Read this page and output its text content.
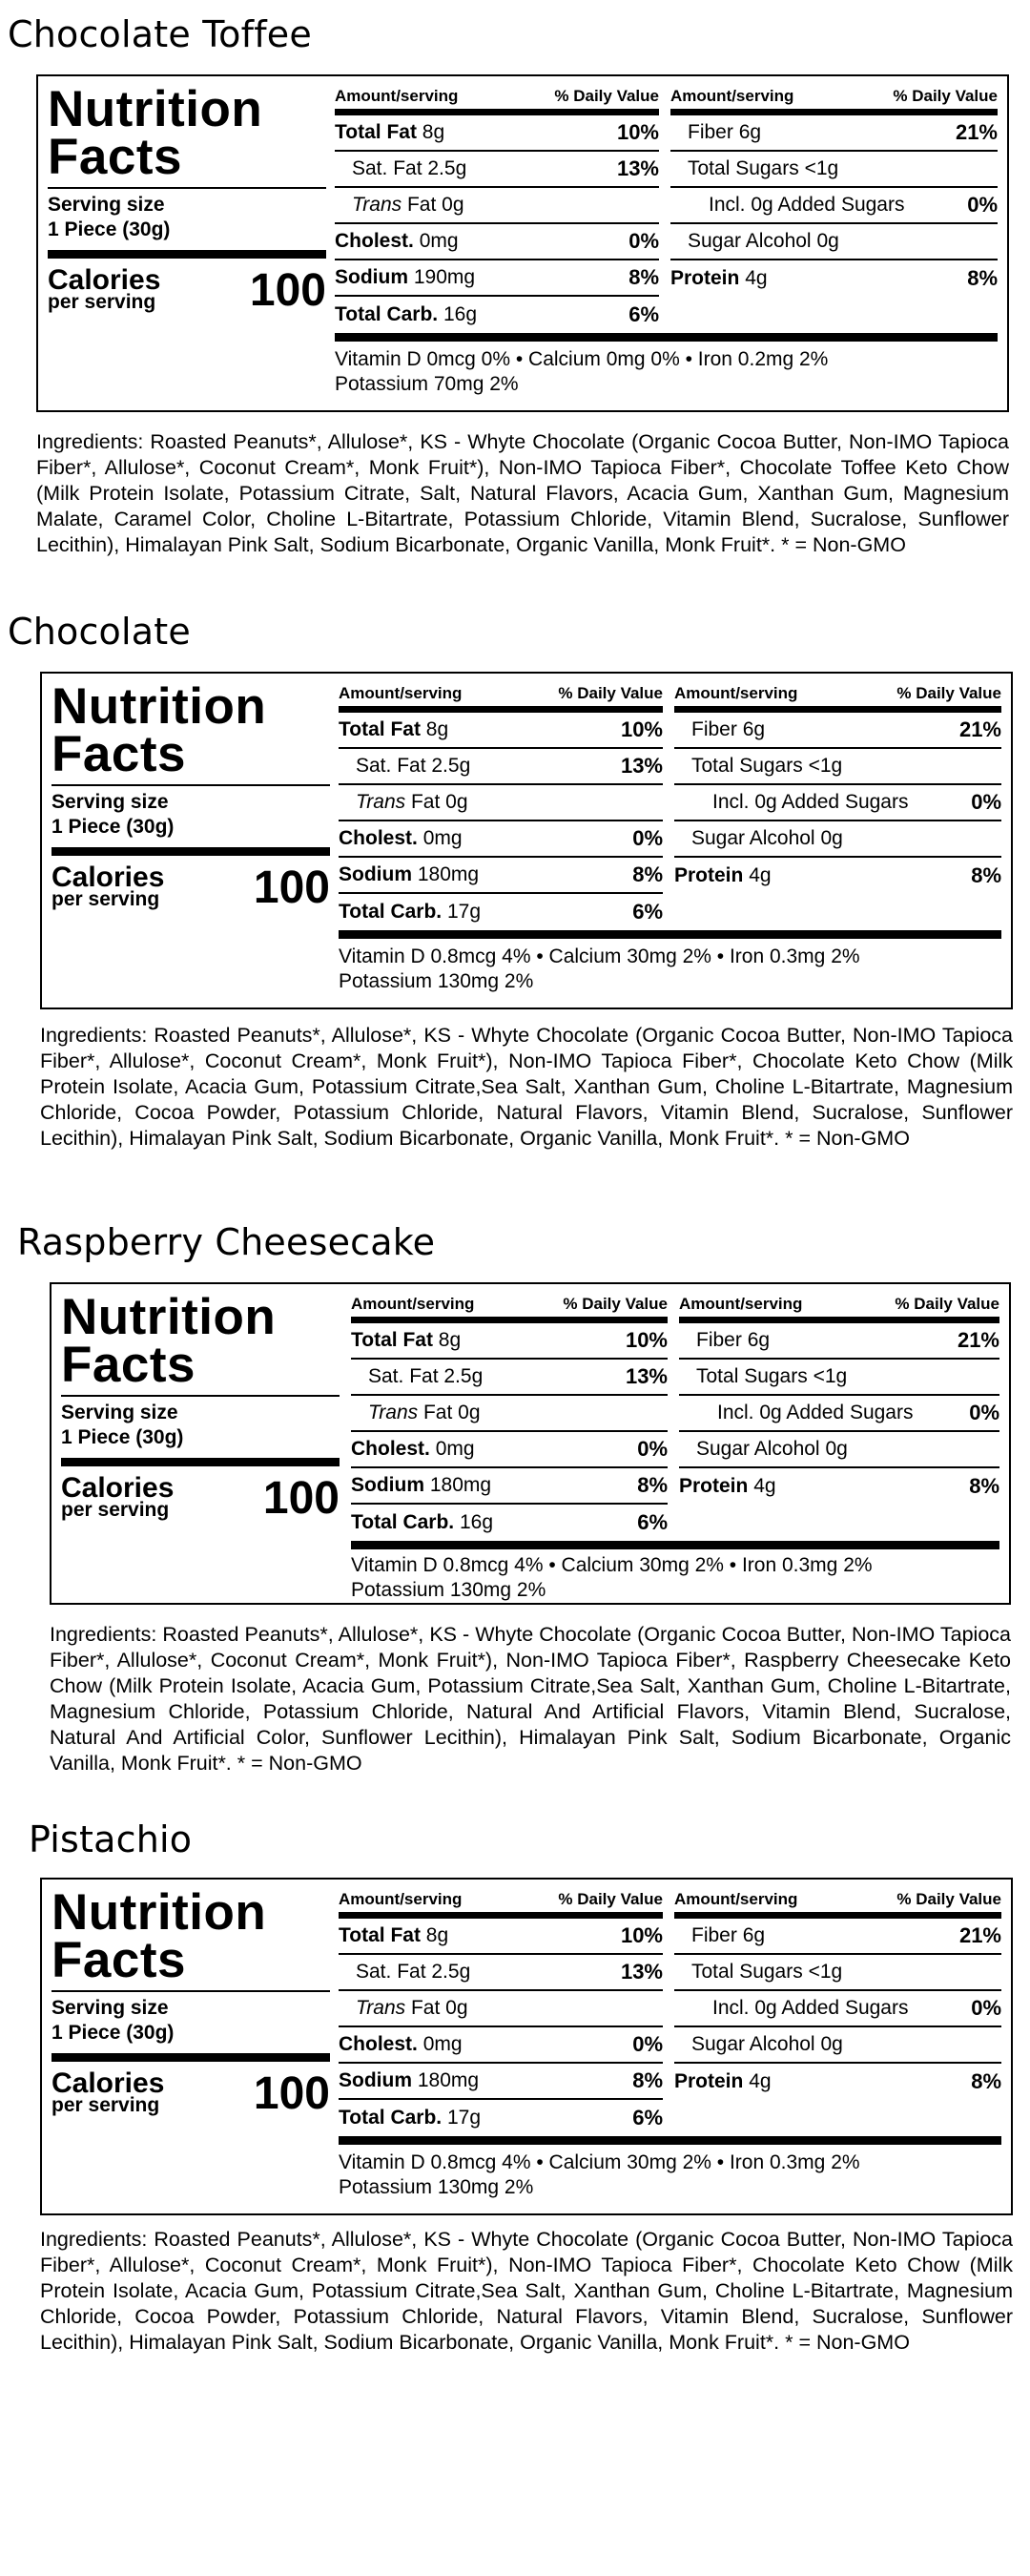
Chocolate Toffee
Nutrition
Facts
Serving size
1 Piece (30g)
Calories
per serving 100
Amount/serving	% Daily Value
Total Fat 8g	10%
Sat. Fat 2.5g	13%
Trans Fat 0g
Cholest. 0mg	0%
Sodium 190mg	8%
Total Carb. 16g	6%
Amount/serving	% Daily Value
Fiber 6g	21%
Total Sugars <1g
Incl. 0g Added Sugars	0%
Sugar Alcohol 0g
Protein 4g	8%
Vitamin D 0mcg 0% • Calcium 0mg 0% • Iron 0.2mg 2%
Potassium 70mg 2%
Ingredients: Roasted Peanuts*, Allulose*, KS - Whyte Chocolate (Organic Cocoa Butter, Non-IMO Tapioca Fiber*, Allulose*, Coconut Cream*, Monk Fruit*), Non-IMO Tapioca Fiber*, Chocolate Toffee Keto Chow (Milk Protein Isolate, Potassium Citrate, Salt, Natural Flavors, Acacia Gum, Xanthan Gum, Magnesium Malate, Caramel Color, Choline L-Bitartrate, Potassium Chloride, Vitamin Blend, Sucralose, Sunflower Lecithin), Himalayan Pink Salt, Sodium Bicarbonate, Organic Vanilla, Monk Fruit*. * = Non-GMO
Chocolate
Nutrition
Facts
Serving size
1 Piece (30g)
Calories
per serving 100
Amount/serving	% Daily Value
Total Fat 8g	10%
Sat. Fat 2.5g	13%
Trans Fat 0g
Cholest. 0mg	0%
Sodium 180mg	8%
Total Carb. 17g	6%
Amount/serving	% Daily Value
Fiber 6g	21%
Total Sugars <1g
Incl. 0g Added Sugars	0%
Sugar Alcohol 0g
Protein 4g	8%
Vitamin D 0.8mcg 4% • Calcium 30mg 2% • Iron 0.3mg 2%
Potassium 130mg 2%
Ingredients: Roasted Peanuts*, Allulose*, KS - Whyte Chocolate (Organic Cocoa Butter, Non-IMO Tapioca Fiber*, Allulose*, Coconut Cream*, Monk Fruit*), Non-IMO Tapioca Fiber*, Chocolate Keto Chow (Milk Protein Isolate, Acacia Gum, Potassium Citrate,Sea Salt, Xanthan Gum, Choline L-Bitartrate, Magnesium Chloride, Cocoa Powder, Potassium Chloride, Natural Flavors, Vitamin Blend, Sucralose, Sunflower Lecithin), Himalayan Pink Salt, Sodium Bicarbonate, Organic Vanilla, Monk Fruit*. * = Non-GMO
Raspberry Cheesecake
Nutrition
Facts
Serving size
1 Piece (30g)
Calories
per serving 100
Amount/serving	% Daily Value
Total Fat 8g	10%
Sat. Fat 2.5g	13%
Trans Fat 0g
Cholest. 0mg	0%
Sodium 180mg	8%
Total Carb. 16g	6%
Amount/serving	% Daily Value
Fiber 6g	21%
Total Sugars <1g
Incl. 0g Added Sugars	0%
Sugar Alcohol 0g
Protein 4g	8%
Vitamin D 0.8mcg 4% • Calcium 30mg 2% • Iron 0.3mg 2%
Potassium 130mg 2%
Ingredients: Roasted Peanuts*, Allulose*, KS - Whyte Chocolate (Organic Cocoa Butter, Non-IMO Tapioca Fiber*, Allulose*, Coconut Cream*, Monk Fruit*), Non-IMO Tapioca Fiber*, Raspberry Cheesecake Keto Chow (Milk Protein Isolate, Acacia Gum, Potassium Citrate,Sea Salt, Xanthan Gum, Choline L-Bitartrate, Magnesium Chloride, Potassium Chloride, Natural And Artificial Flavors, Vitamin Blend, Sucralose, Natural And Artificial Color, Sunflower Lecithin), Himalayan Pink Salt, Sodium Bicarbonate, Organic Vanilla, Monk Fruit*. * = Non-GMO
Pistachio
Nutrition
Facts
Serving size
1 Piece (30g)
Calories
per serving 100
Amount/serving	% Daily Value
Total Fat 8g	10%
Sat. Fat 2.5g	13%
Trans Fat 0g
Cholest. 0mg	0%
Sodium 180mg	8%
Total Carb. 17g	6%
Amount/serving	% Daily Value
Fiber 6g	21%
Total Sugars <1g
Incl. 0g Added Sugars	0%
Sugar Alcohol 0g
Protein 4g	8%
Vitamin D 0.8mcg 4% • Calcium 30mg 2% • Iron 0.3mg 2%
Potassium 130mg 2%
Ingredients: Roasted Peanuts*, Allulose*, KS - Whyte Chocolate (Organic Cocoa Butter, Non-IMO Tapioca Fiber*, Allulose*, Coconut Cream*, Monk Fruit*), Non-IMO Tapioca Fiber*, Chocolate Keto Chow (Milk Protein Isolate, Acacia Gum, Potassium Citrate,Sea Salt, Xanthan Gum, Choline L-Bitartrate, Magnesium Chloride, Cocoa Powder, Potassium Chloride, Natural Flavors, Vitamin Blend, Sucralose, Sunflower Lecithin), Himalayan Pink Salt, Sodium Bicarbonate, Organic Vanilla, Monk Fruit*. * = Non-GMO
